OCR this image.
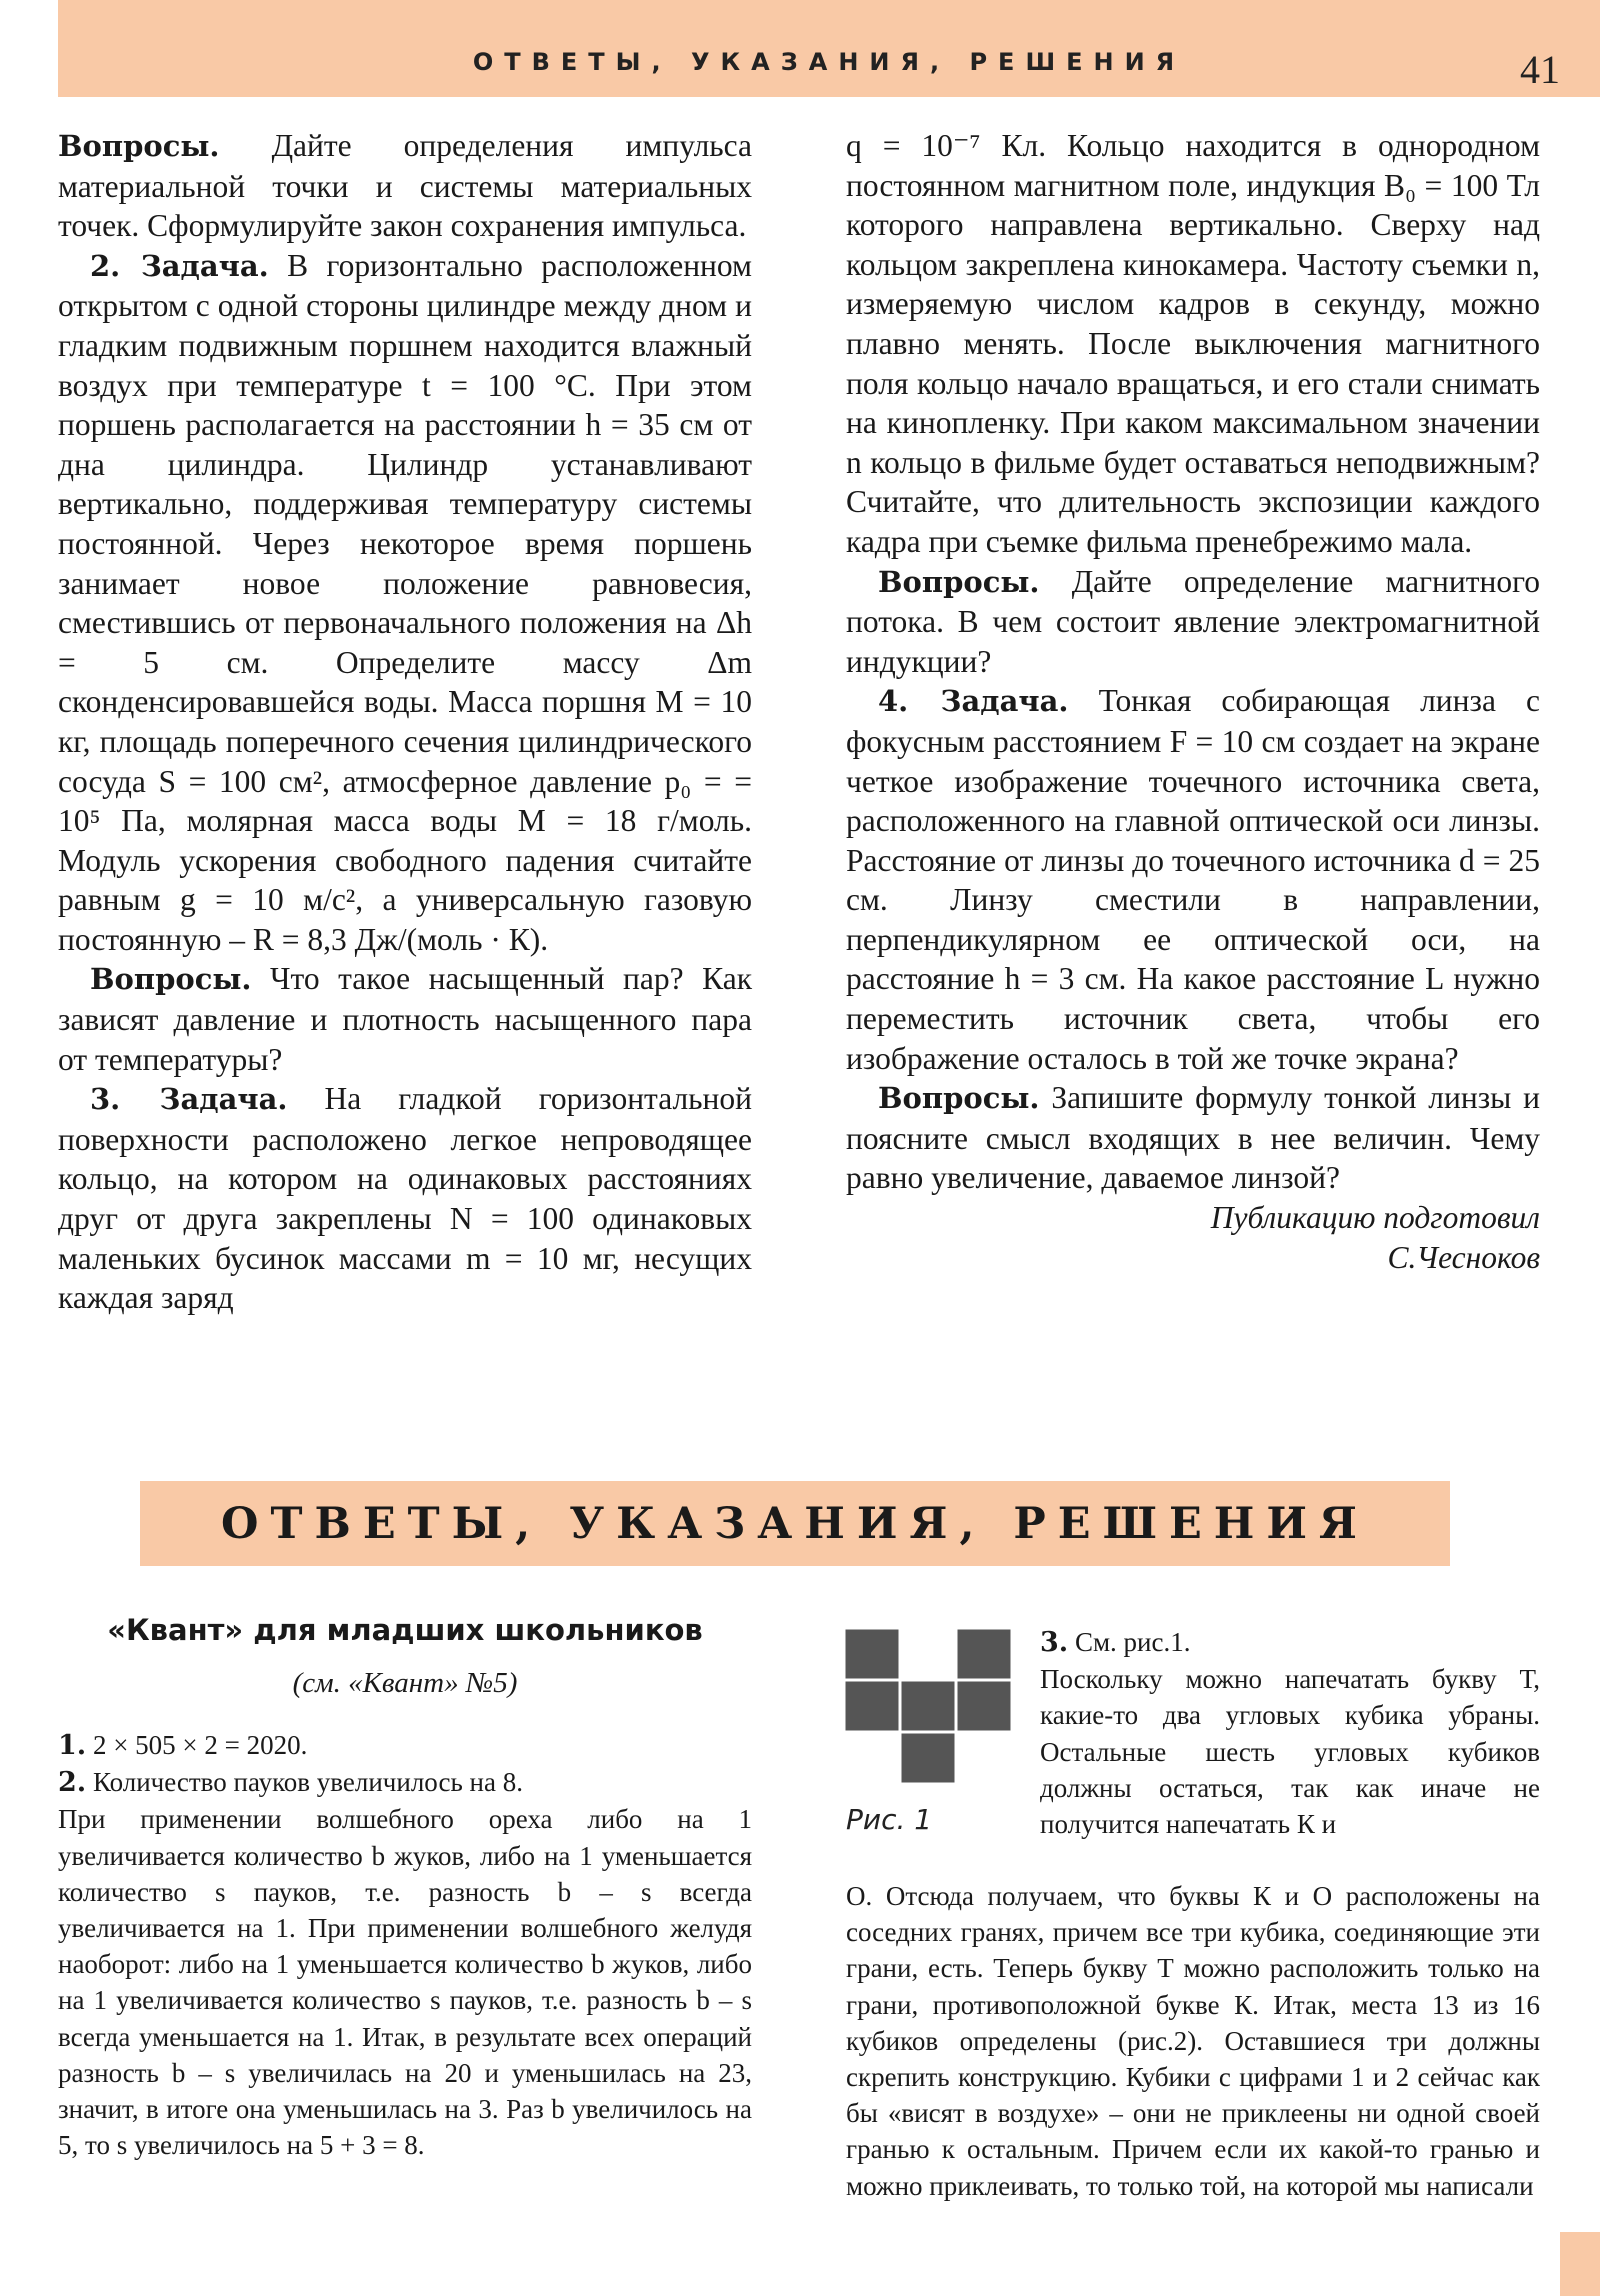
ОТВЕТЫ, УКАЗАНИЯ, РЕШЕНИЯ	41

Вопросы. Дайте определения импульса материальной точки и системы материальных точек. Сформулируйте закон сохранения импульса.

2. Задача. В горизонтально расположенном открытом с одной стороны цилиндре между дном и гладким подвижным поршнем находится влажный воздух при температуре t = 100 °С. При этом поршень располагается на расстоянии h = 35 см от дна цилиндра. Цилиндр устанавливают вертикально, поддерживая температуру системы постоянной. Через некоторое время поршень занимает новое положение равновесия, сместившись от первоначального положения на Δh = 5 см. Определите массу Δm сконденсировавшейся воды. Масса поршня M = 10 кг, площадь поперечного сечения цилиндрического сосуда S = 100 см², атмосферное давление p₀ = = 10⁵ Па, молярная масса воды M = 18 г/моль. Модуль ускорения свободного падения считайте равным g = 10 м/с², а универсальную газовую постоянную – R = 8,3 Дж/(моль · К).

Вопросы. Что такое насыщенный пар? Как зависят давление и плотность насыщенного пара от температуры?

3. Задача. На гладкой горизонтальной поверхности расположено легкое непроводящее кольцо, на котором на одинаковых расстояниях друг от друга закреплены N = 100 одинаковых маленьких бусинок массами m = 10 мг, несущих каждая заряд

q = 10⁻⁷ Кл. Кольцо находится в однородном постоянном магнитном поле, индукция B₀ = 100 Тл которого направлена вертикально. Сверху над кольцом закреплена кинокамера. Частоту съемки n, измеряемую числом кадров в секунду, можно плавно менять. После выключения магнитного поля кольцо начало вращаться, и его стали снимать на кинопленку. При каком максимальном значении n кольцо в фильме будет оставаться неподвижным? Считайте, что длительность экспозиции каждого кадра при съемке фильма пренебрежимо мала.

Вопросы. Дайте определение магнитного потока. В чем состоит явление электромагнитной индукции?

4. Задача. Тонкая собирающая линза с фокусным расстоянием F = 10 см создает на экране четкое изображение точечного источника света, расположенного на главной оптической оси линзы. Расстояние от линзы до точечного источника d = 25 см. Линзу сместили в направлении, перпендикулярном ее оптической оси, на расстояние h = 3 см. На какое расстояние L нужно переместить источник света, чтобы его изображение осталось в той же точке экрана?

Вопросы. Запишите формулу тонкой линзы и поясните смысл входящих в нее величин. Чему равно увеличение, даваемое линзой?

Публикацию подготовил

С.Чесноков

ОТВЕТЫ, УКАЗАНИЯ, РЕШЕНИЯ
«Квант» для младших школьников
(см. «Квант» №5)

1. 2 × 505 × 2 = 2020.

2. Количество пауков увеличилось на 8.

При применении волшебного ореха либо на 1 увеличивается количество b жуков, либо на 1 уменьшается количество s пауков, т.е. разность b – s всегда увеличивается на 1. При применении волшебного желудя наоборот: либо на 1 уменьшается количество b жуков, либо на 1 увеличивается количество s пауков, т.е. разность b – s всегда уменьшается на 1. Итак, в результате всех операций разность b – s увеличилась на 20 и уменьшилась на 23, значит, в итоге она уменьшилась на 3. Раз b увеличилось на 5, то s увеличилось на 5 + 3 = 8.

Рис. 1

3. См. рис.1.

Поскольку можно напечатать букву Т, какие-то два угловых кубика убраны. Остальные шесть угловых кубиков должны остаться, так как иначе не получится напечатать К и

О. Отсюда получаем, что буквы К и О расположены на соседних гранях, причем все три кубика, соединяющие эти грани, есть. Теперь букву Т можно расположить только на грани, противоположной букве К. Итак, места 13 из 16 кубиков определены (рис.2). Оставшиеся три должны скрепить конструкцию. Кубики с цифрами 1 и 2 сейчас как бы «висят в воздухе» – они не приклеены ни одной своей гранью к остальным. Причем если их какой-то гранью и можно приклеивать, то только той, на которой мы написали
